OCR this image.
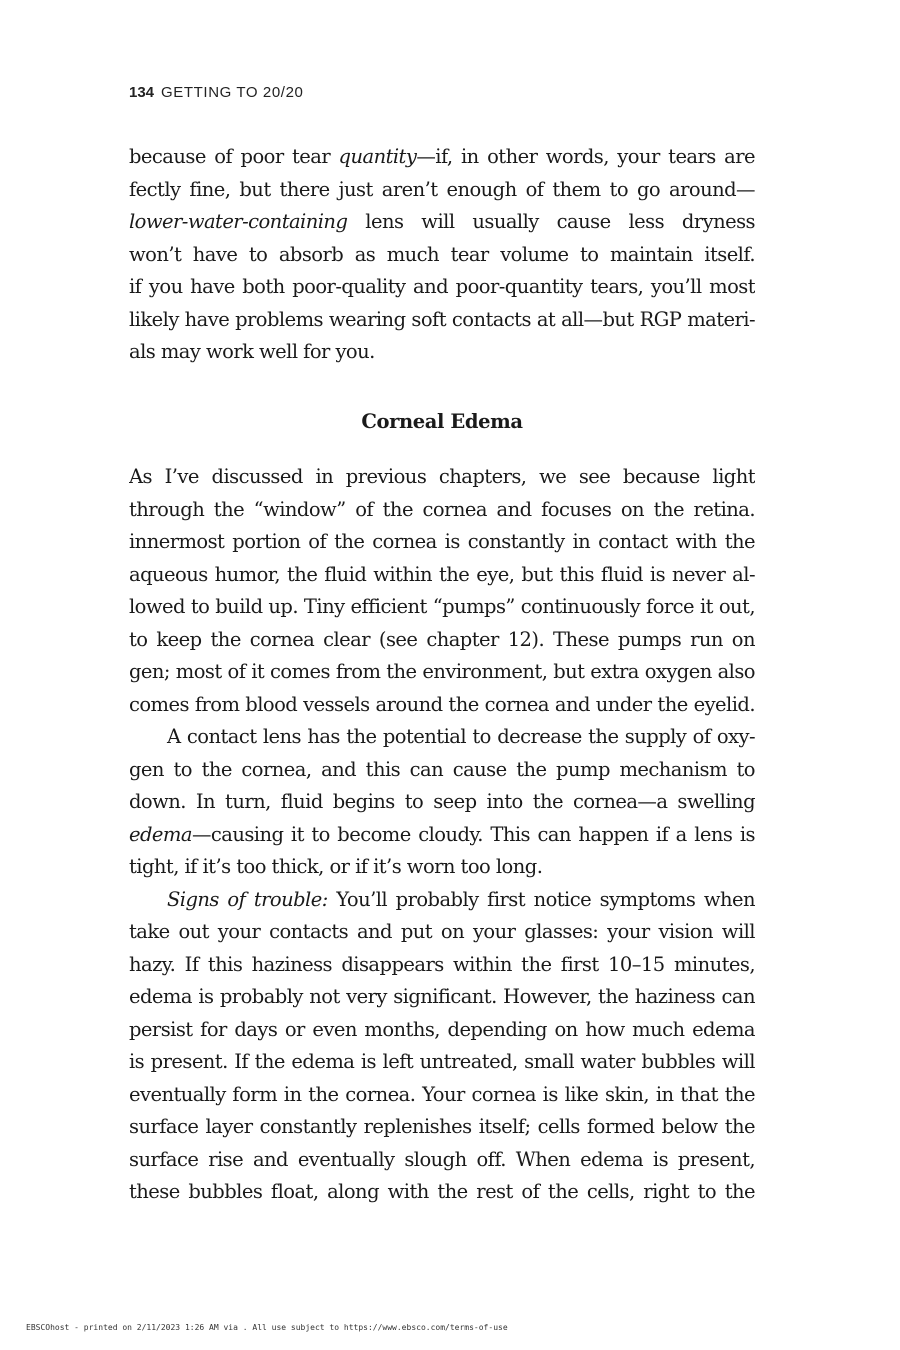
134 GETTING TO 20/20
because of poor tear quantity—if, in other words, your tears are
fectly fine, but there just aren’t enough of them to go around—
lower-water-containing lens will usually cause less dryness
won’t have to absorb as much tear volume to maintain itself.
if you have both poor-quality and poor-quantity tears, you’ll most
likely have problems wearing soft contacts at all—but RGP materi-
als may work well for you.
Corneal Edema
As I’ve discussed in previous chapters, we see because light
through the “window” of the cornea and focuses on the retina.
innermost portion of the cornea is constantly in contact with the
aqueous humor, the fluid within the eye, but this fluid is never al-
lowed to build up. Tiny efficient “pumps” continuously force it out,
to keep the cornea clear (see chapter 12). These pumps run on
gen; most of it comes from the environment, but extra oxygen also
comes from blood vessels around the cornea and under the eyelid.
A contact lens has the potential to decrease the supply of oxy-
gen to the cornea, and this can cause the pump mechanism to
down. In turn, fluid begins to seep into the cornea—a swelling
edema—causing it to become cloudy. This can happen if a lens is
tight, if it’s too thick, or if it’s worn too long.
Signs of trouble: You’ll probably first notice symptoms when
take out your contacts and put on your glasses: your vision will
hazy. If this haziness disappears within the first 10–15 minutes,
edema is probably not very significant. However, the haziness can
persist for days or even months, depending on how much edema
is present. If the edema is left untreated, small water bubbles will
eventually form in the cornea. Your cornea is like skin, in that the
surface layer constantly replenishes itself; cells formed below the
surface rise and eventually slough off. When edema is present,
these bubbles float, along with the rest of the cells, right to the
EBSCOhost - printed on 2/11/2023 1:26 AM via . All use subject to https://www.ebsco.com/terms-of-use
